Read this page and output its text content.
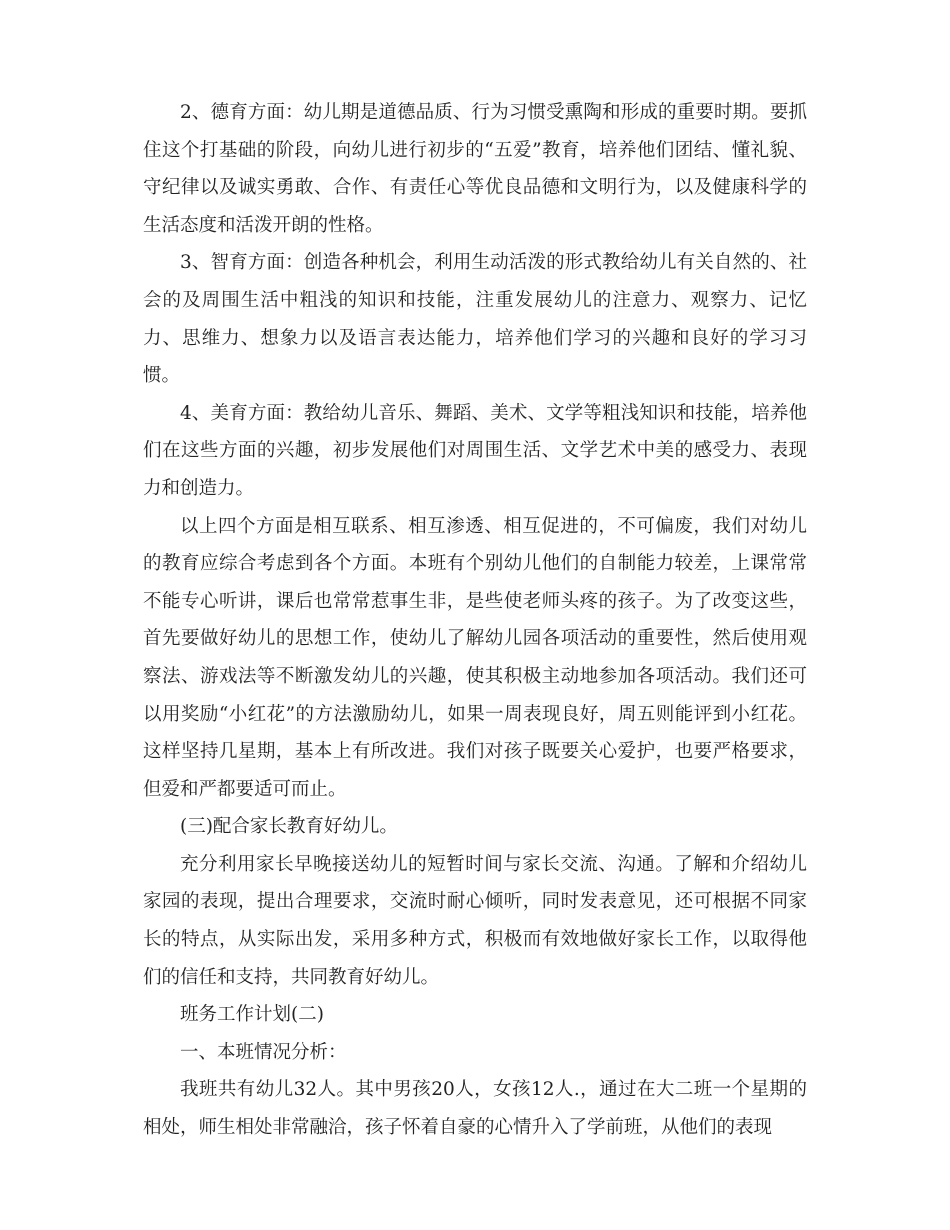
2、德育方面：幼儿期是道德品质、行为习惯受熏陶和形成的重要时期。要抓住这个打基础的阶段，向幼儿进行初步的“五爱”教育，培养他们团结、懂礼貌、守纪律以及诚实勇敢、合作、有责任心等优良品德和文明行为，以及健康科学的生活态度和活泼开朗的性格。

3、智育方面：创造各种机会，利用生动活泼的形式教给幼儿有关自然的、社会的及周围生活中粗浅的知识和技能，注重发展幼儿的注意力、观察力、记忆力、思维力、想象力以及语言表达能力，培养他们学习的兴趣和良好的学习习惯。

4、美育方面：教给幼儿音乐、舞蹈、美术、文学等粗浅知识和技能，培养他们在这些方面的兴趣，初步发展他们对周围生活、文学艺术中美的感受力、表现力和创造力。

以上四个方面是相互联系、相互渗透、相互促进的，不可偏废，我们对幼儿的教育应综合考虑到各个方面。本班有个别幼儿他们的自制能力较差，上课常常不能专心听讲，课后也常常惹事生非，是些使老师头疼的孩子。为了改变这些，首先要做好幼儿的思想工作，使幼儿了解幼儿园各项活动的重要性，然后使用观察法、游戏法等不断激发幼儿的兴趣，使其积极主动地参加各项活动。我们还可以用奖励“小红花”的方法激励幼儿，如果一周表现良好，周五则能评到小红花。这样坚持几星期，基本上有所改进。我们对孩子既要关心爱护，也要严格要求，但爱和严都要适可而止。

(三)配合家长教育好幼儿。

充分利用家长早晚接送幼儿的短暂时间与家长交流、沟通。了解和介绍幼儿家园的表现，提出合理要求，交流时耐心倾听，同时发表意见，还可根据不同家长的特点，从实际出发，采用多种方式，积极而有效地做好家长工作，以取得他们的信任和支持，共同教育好幼儿。

班务工作计划(二)

一、本班情况分析：

我班共有幼儿32人。其中男孩20人，女孩12人.，通过在大二班一个星期的相处，师生相处非常融洽，孩子怀着自豪的心情升入了学前班，从他们的表现
